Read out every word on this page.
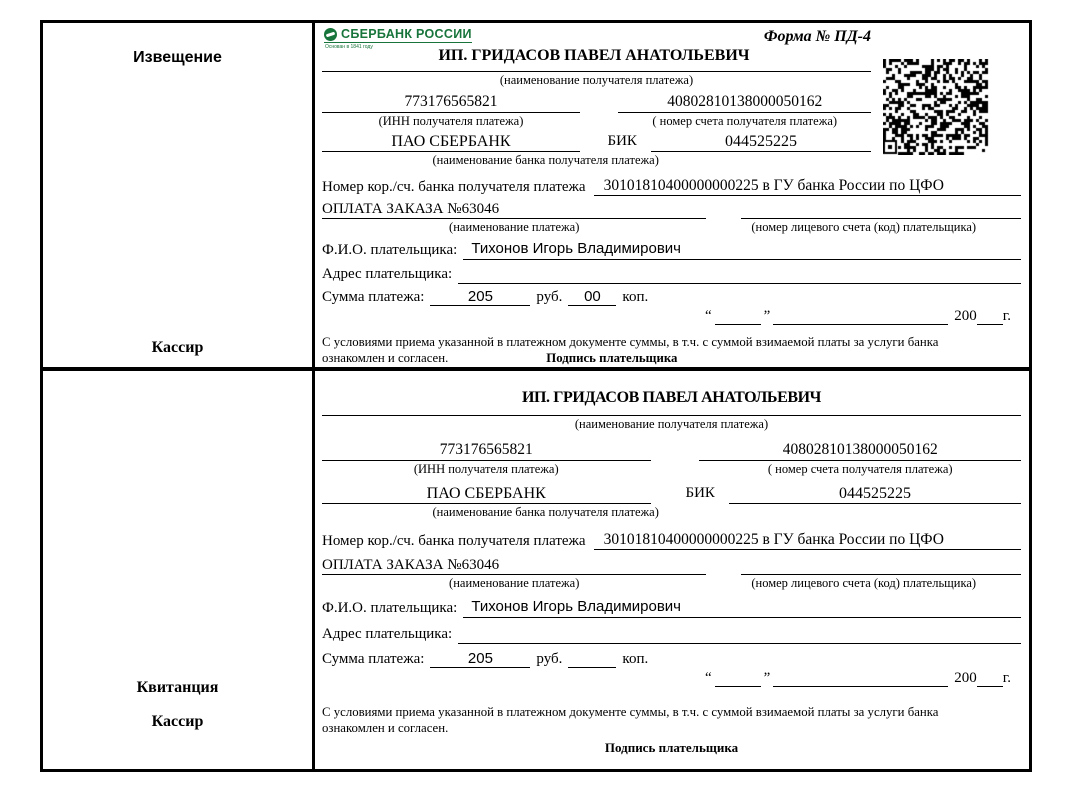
Извещение
Кассир
СБЕРБАНК РОССИИ
Основан в 1841 году
Форма № ПД-4
ИП. ГРИДАСОВ ПАВЕЛ АНАТОЛЬЕВИЧ
(наименование получателя платежа)
773176565821
(ИНН получателя платежа)
40802810138000050162
( номер счета получателя платежа)
ПАО СБЕРБАНК	БИК	044525225
(наименование банка получателя платежа)
Номер кор./сч. банка получателя платежа	30101810400000000225 в ГУ банка России по ЦФО
ОПЛАТА ЗАКАЗА №63046
(наименование платежа)	(номер лицевого счета (код) плательщика)
Ф.И.О. плательщика: Тихонов Игорь Владимирович
Адрес плательщика:
Сумма платежа:	205	руб.	00	коп.
“	”	200 г.
С условиями приема указанной в платежном документе суммы, в т.ч. с суммой взимаемой платы за услуги банка
ознакомлен и согласен.	Подпись плательщика
Квитанция
Кассир
ИП. ГРИДАСОВ ПАВЕЛ АНАТОЛЬЕВИЧ
(наименование получателя платежа)
773176565821
(ИНН получателя платежа)
40802810138000050162
( номер счета получателя платежа)
ПАО СБЕРБАНК	БИК	044525225
(наименование банка получателя платежа)
Номер кор./сч. банка получателя платежа	30101810400000000225 в ГУ банка России по ЦФО
ОПЛАТА ЗАКАЗА №63046
(наименование платежа)	(номер лицевого счета (код) плательщика)
Ф.И.О. плательщика: Тихонов Игорь Владимирович
Адрес плательщика:
Сумма платежа:	205	руб.	коп.
“	”	200 г.
С условиями приема указанной в платежном документе суммы, в т.ч. с суммой взимаемой платы за услуги банка
ознакомлен и согласен.
Подпись плательщика
